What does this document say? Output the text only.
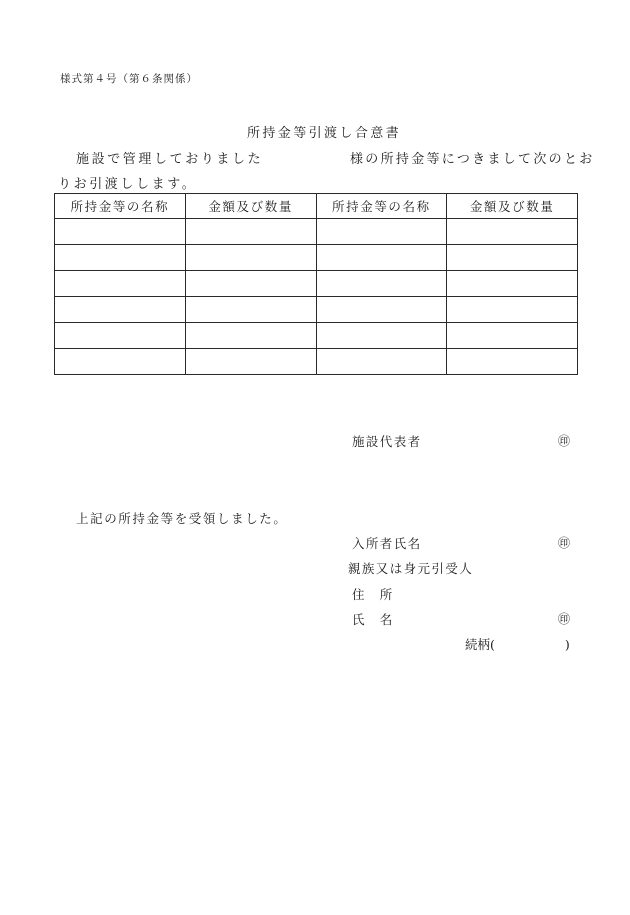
様式第４号（第６条関係）
所持金等引渡し合意書
施設で管理しておりました	様の所持金等につきまして次のとお
りお引渡しします。
所持金等の名称	金額及び数量	所持金等の名称	金額及び数量

施設代表者	㊞
上記の所持金等を受領しました。
入所者氏名	㊞
親族又は身元引受人
住　所
氏　名	㊞
続柄(	)
